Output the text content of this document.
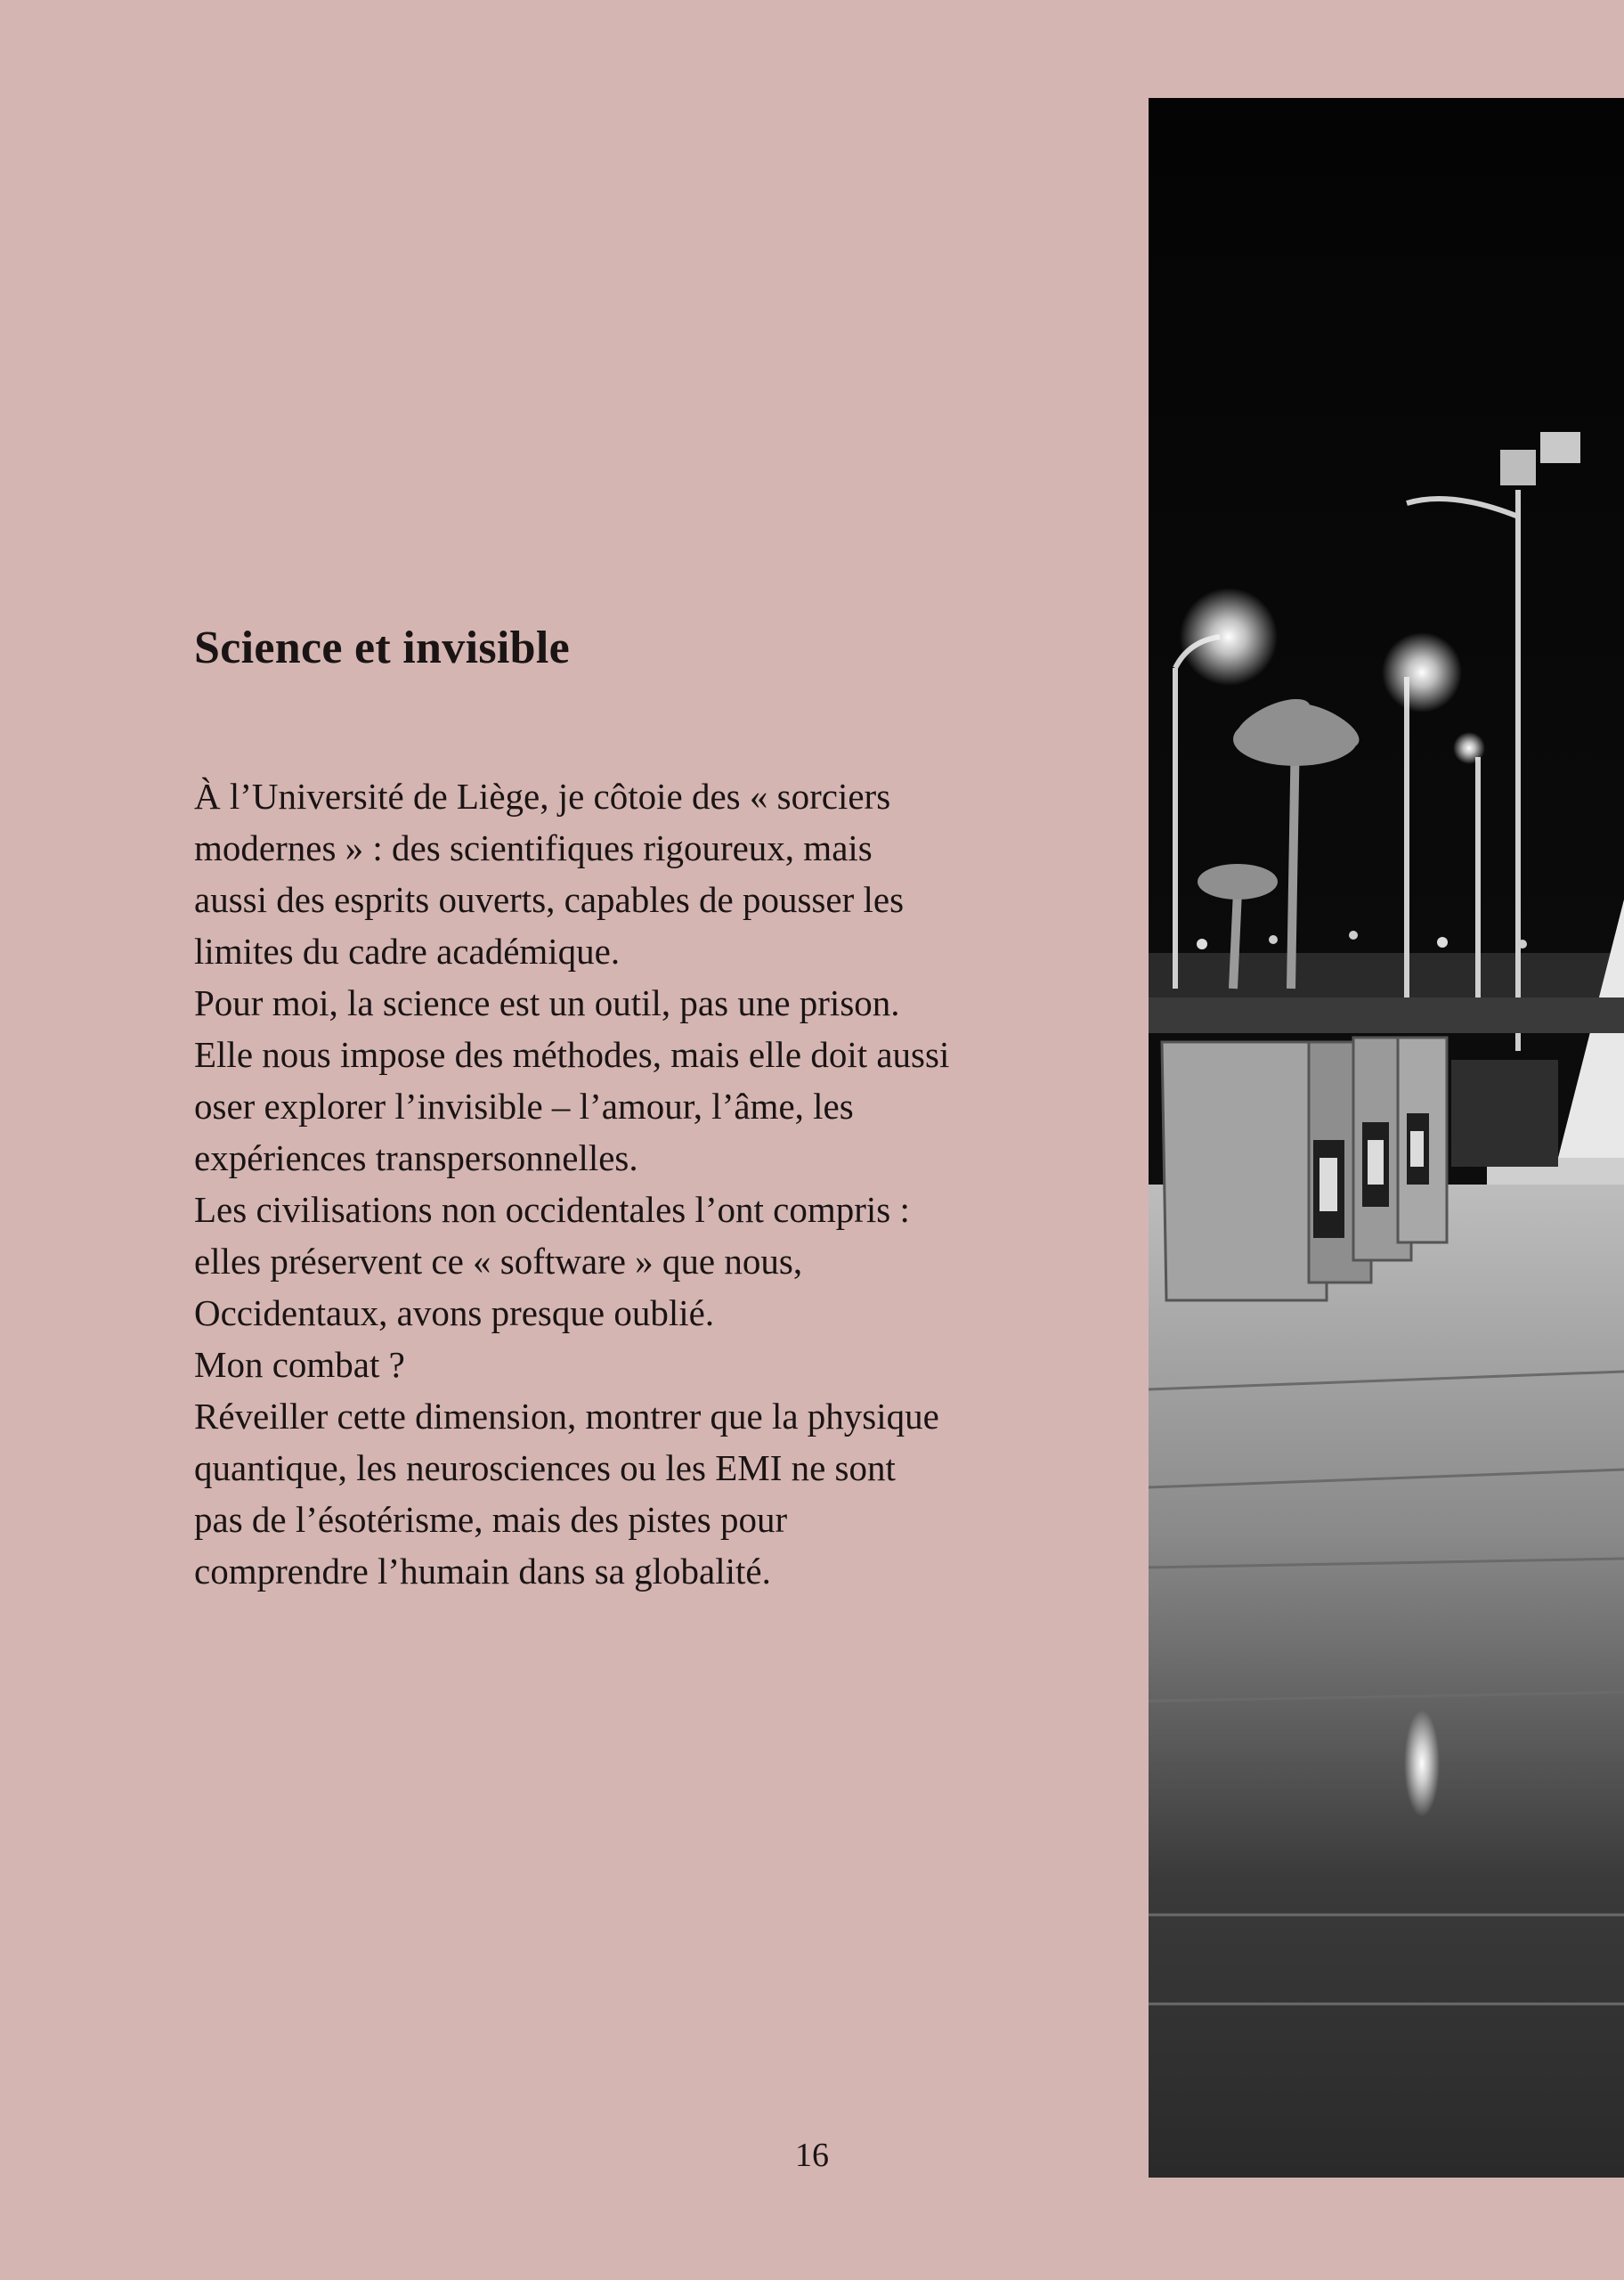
Science et invisible

À l’Université de Liège, je côtoie des « sorciers
modernes » : des scientifiques rigoureux, mais
aussi des esprits ouverts, capables de pousser les
limites du cadre académique.
Pour moi, la science est un outil, pas une prison.
Elle nous impose des méthodes, mais elle doit aussi
oser explorer l’invisible – l’amour, l’âme, les
expériences transpersonnelles.
Les civilisations non occidentales l’ont compris :
elles préservent ce « software » que nous,
Occidentaux, avons presque oublié.
Mon combat ?
Réveiller cette dimension, montrer que la physique
quantique, les neurosciences ou les EMI ne sont
pas de l’ésotérisme, mais des pistes pour
comprendre l’humain dans sa globalité.

16
